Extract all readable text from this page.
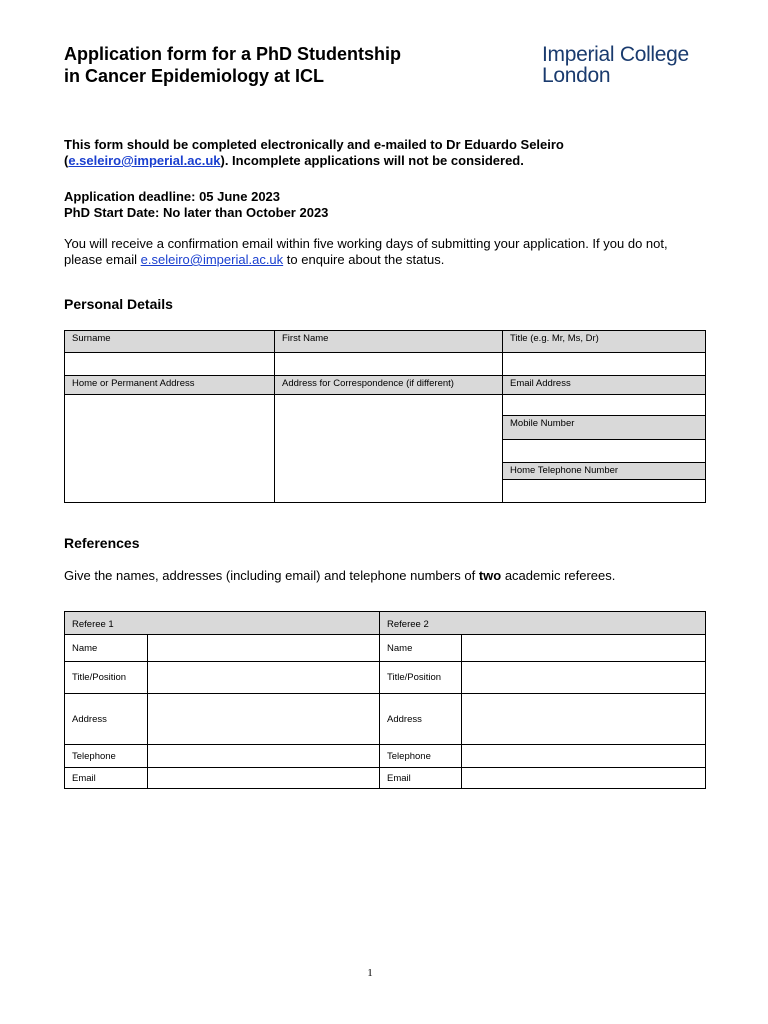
Application form for a PhD Studentship
in Cancer Epidemiology at ICL
Imperial College
London
This form should be completed electronically and e-mailed to Dr Eduardo Seleiro
(e.seleiro@imperial.ac.uk). Incomplete applications will not be considered.
Application deadline: 05 June 2023
PhD Start Date: No later than October 2023
You will receive a confirmation email within five working days of submitting your application. If you do not, please email e.seleiro@imperial.ac.uk to enquire about the status.
Personal Details
Surname	First Name	Title (e.g. Mr, Ms, Dr)

Home or Permanent Address	Address for Correspondence (if different)	Email Address

		Mobile Number

		Home Telephone Number

References
Give the names, addresses (including email) and telephone numbers of two academic referees.
Referee 1		Referee 2	
Name		Name	
Title/Position		Title/Position	
Address		Address	
Telephone		Telephone	
Email		Email	
1
